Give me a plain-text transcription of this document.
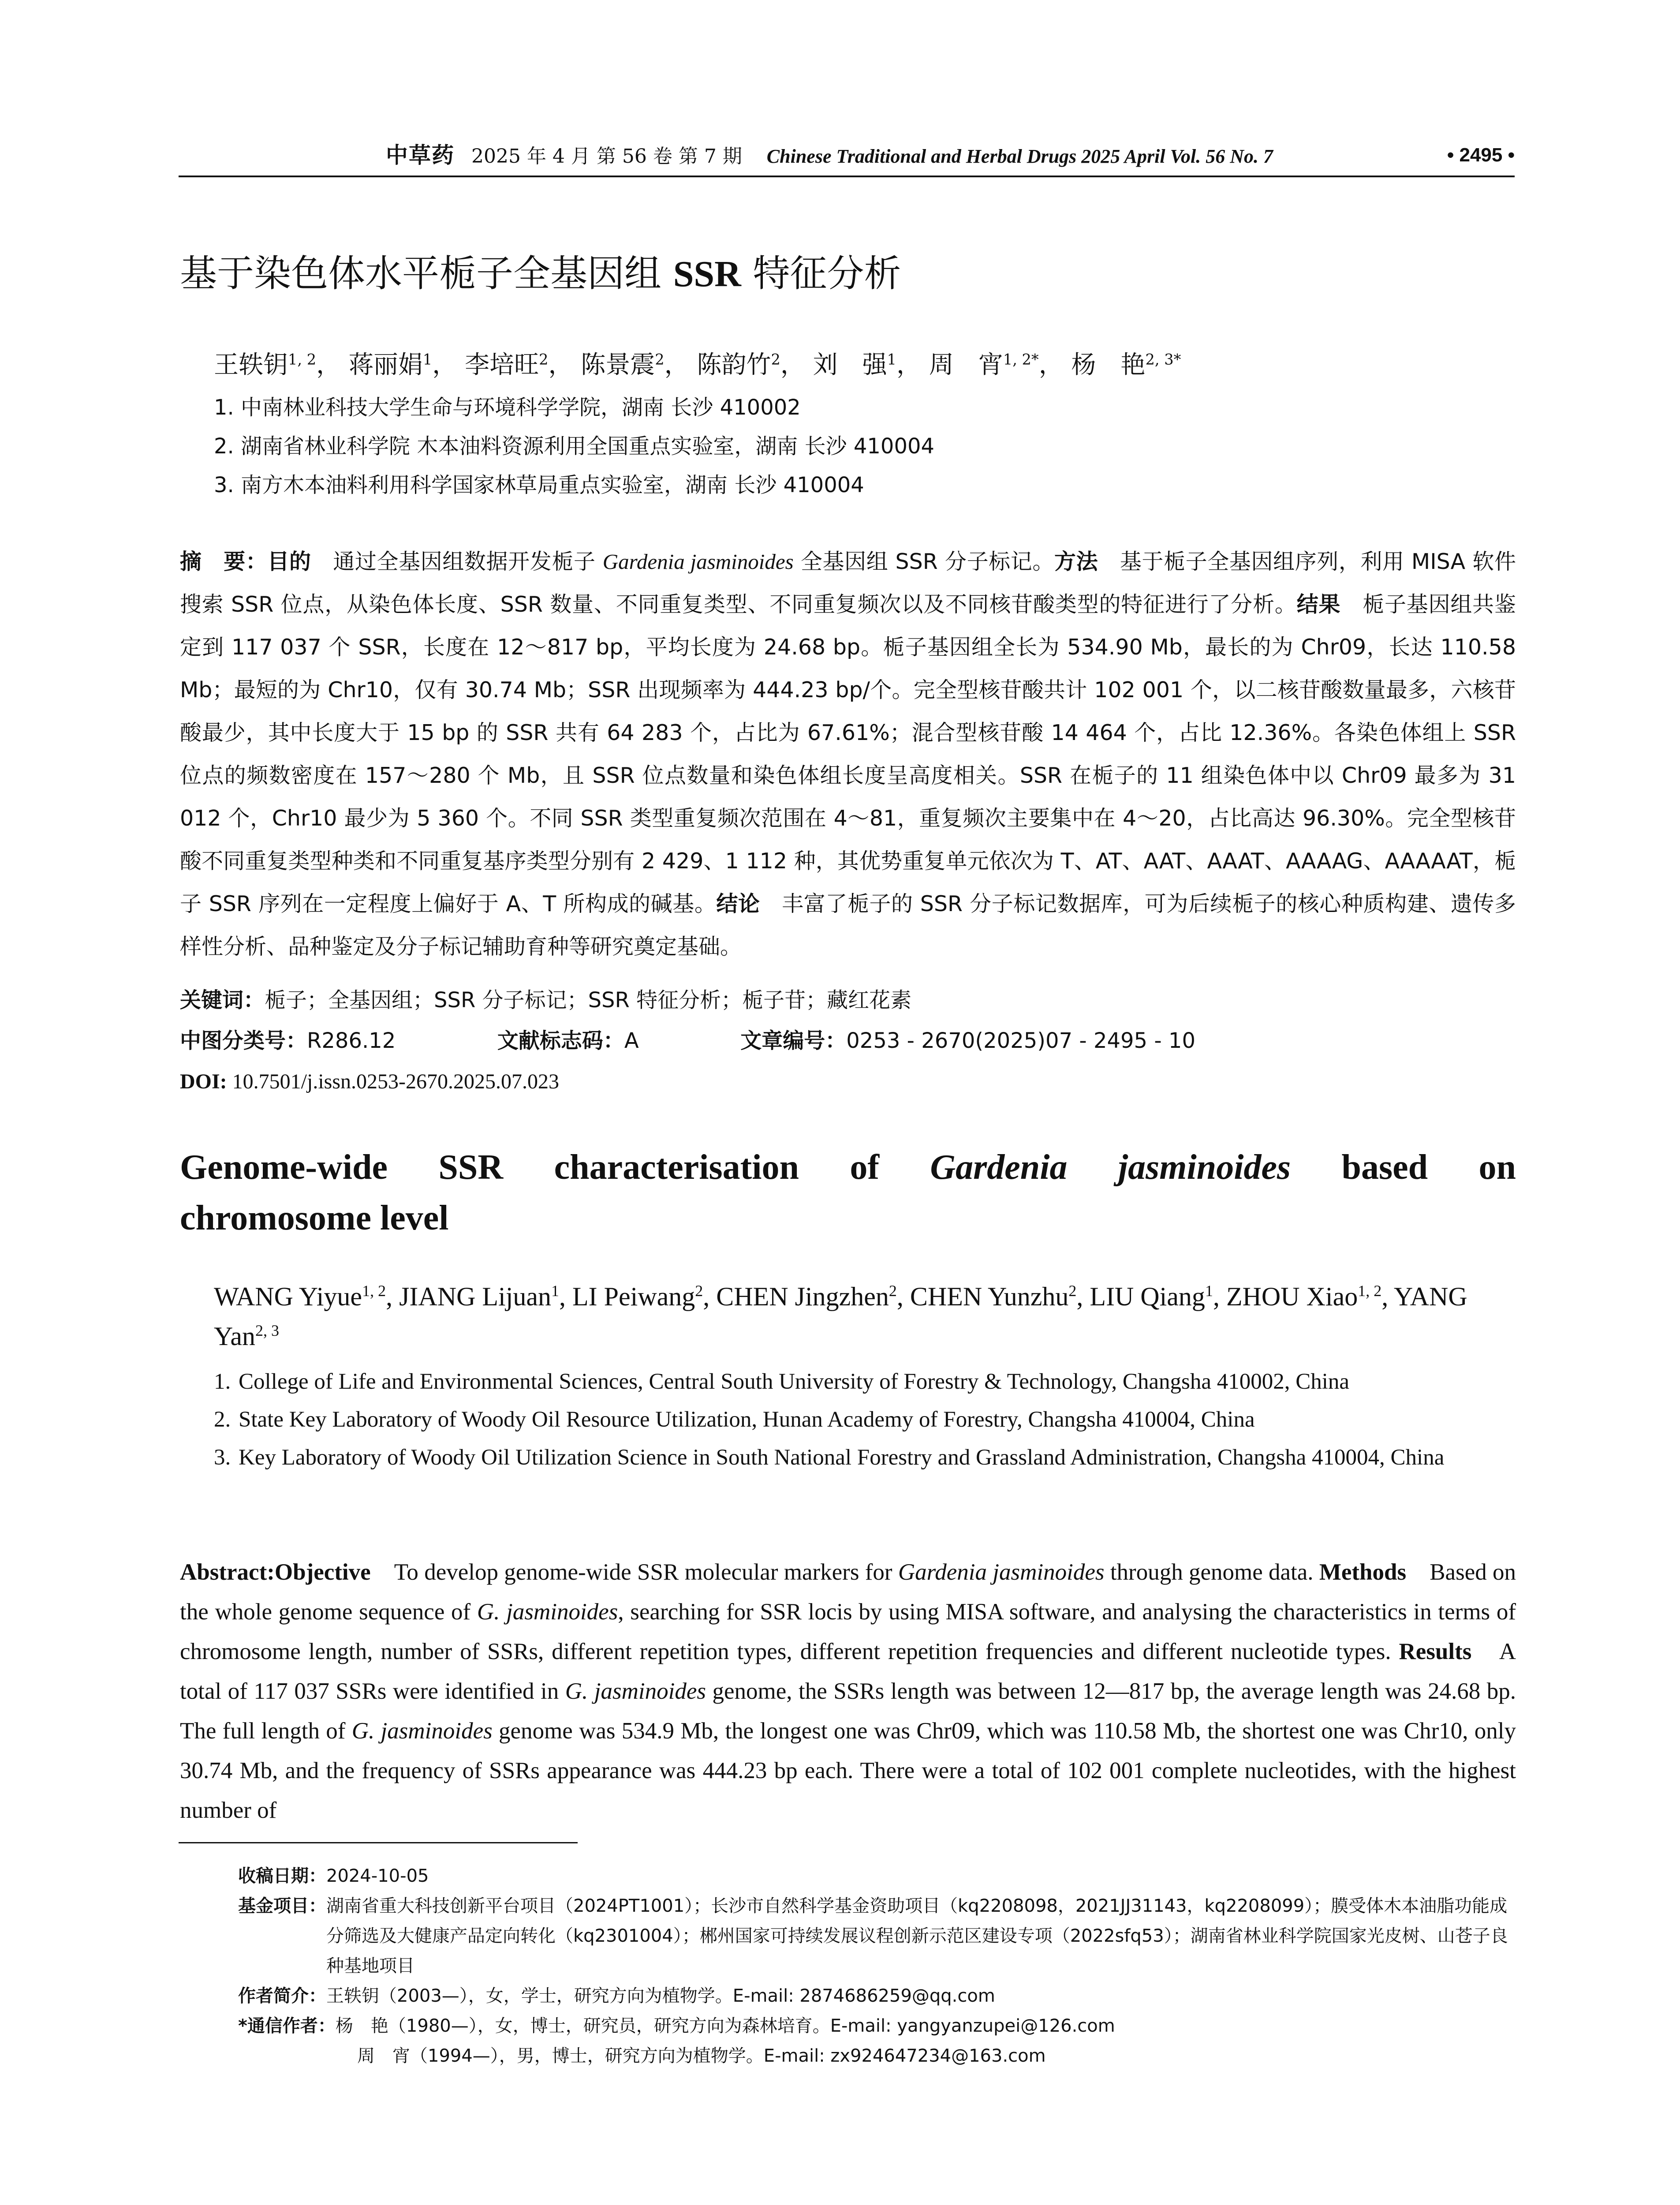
中草药 2025 年 4 月 第 56 卷 第 7 期 Chinese Traditional and Herbal Drugs 2025 April Vol. 56 No. 7	• 2495 •
基于染色体水平栀子全基因组 SSR 特征分析
王轶钥$^{1, 2}$， 蒋丽娟$^1$， 李培旺$^2$， 陈景震$^2$， 陈韵竹$^2$， 刘　强$^1$， 周　宵$^{1, 2*}$， 杨　艳$^{2, 3*}$
1. 中南林业科技大学生命与环境科学学院，湖南 长沙 410002
2. 湖南省林业科学院 木本油料资源利用全国重点实验室，湖南 长沙 410004
3. 南方木本油料利用科学国家林草局重点实验室，湖南 长沙 410004
摘　要：目的　通过全基因组数据开发栀子 Gardenia jasminoides 全基因组 SSR 分子标记。方法　基于栀子全基因组序列，利用 MISA 软件搜索 SSR 位点，从染色体长度、SSR 数量、不同重复类型、不同重复频次以及不同核苷酸类型的特征进行了分析。结果　栀子基因组共鉴定到 117 037 个 SSR，长度在 12～817 bp，平均长度为 24.68 bp。栀子基因组全长为 534.90 Mb，最长的为 Chr09，长达 110.58 Mb；最短的为 Chr10，仅有 30.74 Mb；SSR 出现频率为 444.23 bp/个。完全型核苷酸共计 102 001 个，以二核苷酸数量最多，六核苷酸最少，其中长度大于 15 bp 的 SSR 共有 64 283 个，占比为 67.61%；混合型核苷酸 14 464 个，占比 12.36%。各染色体组上 SSR 位点的频数密度在 157～280 个 Mb，且 SSR 位点数量和染色体组长度呈高度相关。SSR 在栀子的 11 组染色体中以 Chr09 最多为 31 012 个，Chr10 最少为 5 360 个。不同 SSR 类型重复频次范围在 4～81，重复频次主要集中在 4～20，占比高达 96.30%。完全型核苷酸不同重复类型种类和不同重复基序类型分别有 2 429、1 112 种，其优势重复单元依次为 T、AT、AAT、AAAT、AAAAG、AAAAAT，栀子 SSR 序列在一定程度上偏好于 A、T 所构成的碱基。结论　丰富了栀子的 SSR 分子标记数据库，可为后续栀子的核心种质构建、遗传多样性分析、品种鉴定及分子标记辅助育种等研究奠定基础。
关键词：栀子；全基因组；SSR 分子标记；SSR 特征分析；栀子苷；藏红花素
中图分类号：R286.12	文献标志码：A	文章编号：0253 - 2670(2025)07 - 2495 - 10
DOI: 10.7501/j.issn.0253-2670.2025.07.023
Genome-wide SSR characterisation of Gardenia jasminoides based on
chromosome level
WANG Yiyue$^{1, 2}$, JIANG Lijuan$^1$, LI Peiwang$^2$, CHEN Jingzhen$^2$, CHEN Yunzhu$^2$, LIU Qiang$^1$, ZHOU Xiao$^{1, 2}$, YANG Yan$^{2, 3}$
1. College of Life and Environmental Sciences, Central South University of Forestry & Technology, Changsha 410002, China
2. State Key Laboratory of Woody Oil Resource Utilization, Hunan Academy of Forestry, Changsha 410004, China
3. Key Laboratory of Woody Oil Utilization Science in South National Forestry and Grassland Administration, Changsha 410004, China
Abstract:Objective　To develop genome-wide SSR molecular markers for Gardenia jasminoides through genome data. Methods　Based on the whole genome sequence of G. jasminoides, searching for SSR locis by using MISA software, and analysing the characteristics in terms of chromosome length, number of SSRs, different repetition types, different repetition frequencies and different nucleotide types. Results　A total of 117 037 SSRs were identified in G. jasminoides genome, the SSRs length was between 12—817 bp, the average length was 24.68 bp. The full length of G. jasminoides genome was 534.9 Mb, the longest one was Chr09, which was 110.58 Mb, the shortest one was Chr10, only 30.74 Mb, and the frequency of SSRs appearance was 444.23 bp each. There were a total of 102 001 complete nucleotides, with the highest number of
收稿日期： 2024-10-05
基金项目： 湖南省重大科技创新平台项目（2024PT1001）；长沙市自然科学基金资助项目（kq2208098，2021JJ31143，kq2208099）；膜受体木本油脂功能成分筛选及大健康产品定向转化（kq2301004）；郴州国家可持续发展议程创新示范区建设专项（2022sfq53）；湖南省林业科学院国家光皮树、山苍子良种基地项目
作者简介： 王轶钥（2003—），女，学士，研究方向为植物学。E-mail: 2874686259@qq.com
*通信作者： 杨　艳（1980—），女，博士，研究员，研究方向为森林培育。E-mail: yangyanzupei@126.com
周　宵（1994—），男，博士，研究方向为植物学。E-mail: zx924647234@163.com
